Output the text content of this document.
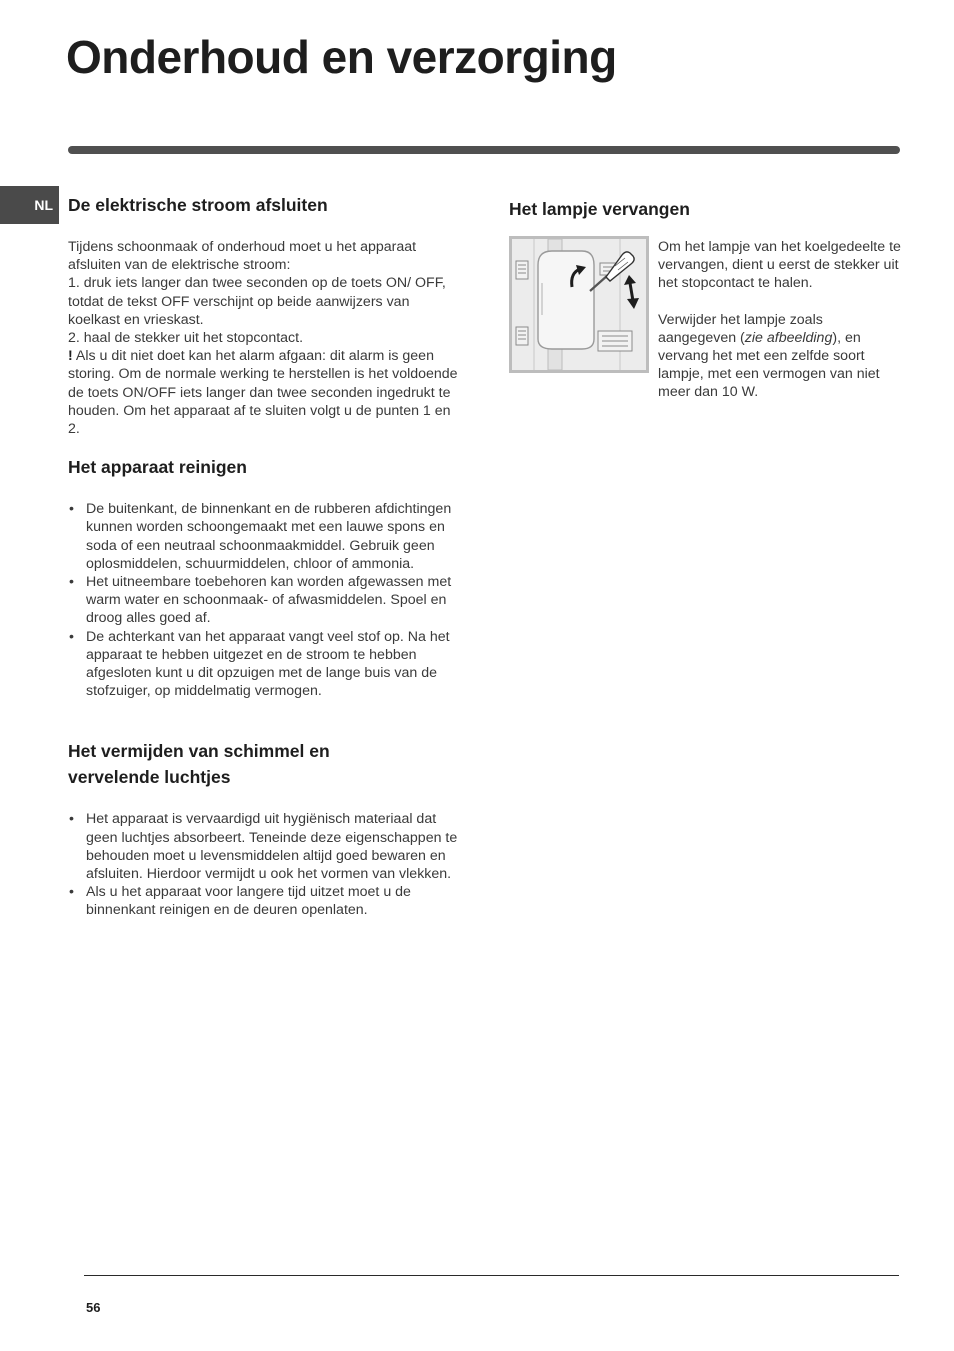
Onderhoud en verzorging
NL De elektrische stroom afsluiten

Tijdens schoonmaak of onderhoud moet u het apparaat afsluiten van de elektrische stroom:

1. druk iets langer dan twee seconden op de toets ON/ OFF, totdat de tekst OFF verschijnt op beide aanwijzers van koelkast en vrieskast.

2. haal de stekker uit het stopcontact.

! Als u dit niet doet kan het alarm afgaan: dit alarm is geen storing. Om de normale werking te herstellen is het voldoende de toets ON/OFF iets langer dan twee seconden ingedrukt te houden. Om het apparaat af te sluiten volgt u de punten 1 en 2.

Het apparaat reinigen
• De buitenkant, de binnenkant en de rubberen afdichtingen kunnen worden schoongemaakt met een lauwe spons en soda of een neutraal schoonmaakmiddel. Gebruik geen oplosmiddelen, schuurmiddelen, chloor of ammonia.
• Het uitneembare toebehoren kan worden afgewassen met warm water en schoonmaak- of afwasmiddelen. Spoel en droog alles goed af.
• De achterkant van het apparaat vangt veel stof op. Na het apparaat te hebben uitgezet en de stroom te hebben afgesloten kunt u dit opzuigen met de lange buis van de stofzuiger, op middelmatig vermogen.
Het vermijden van schimmel en vervelende luchtjes
• Het apparaat is vervaardigd uit hygiënisch materiaal dat geen luchtjes absorbeert. Teneinde deze eigenschappen te behouden moet u levensmiddelen altijd goed bewaren en afsluiten. Hierdoor vermijdt u ook het vormen van vlekken.
• Als u het apparaat voor langere tijd uitzet moet u de binnenkant reinigen en de deuren openlaten.
Het lampje vervangen

Om het lampje van het koelgedeelte te vervangen, dient u eerst de stekker uit het stopcontact te halen.

Verwijder het lampje zoals aangegeven (zie afbeelding), en vervang het met een zelfde soort lampje, met een vermogen van niet meer dan 10 W.

56
